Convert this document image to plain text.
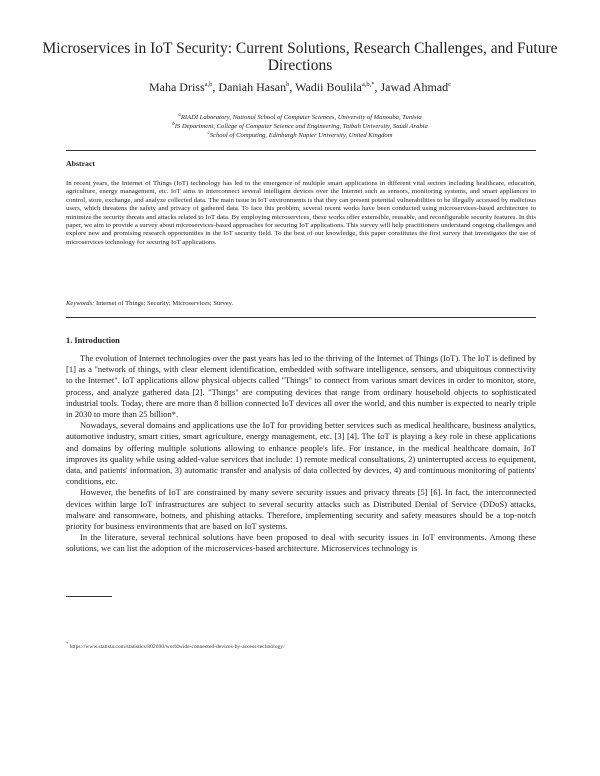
Microservices in IoT Security: Current Solutions, Research Challenges, and Future Directions
Maha Driss$^{a,b}$, Daniah Hasan$^b$, Wadii Boulila$^{a,b,*}$, Jawad Ahmad$^c$
$^a$RIADI Laboratory, National School of Computer Sciences, University of Manouba, Tunisia
$^b$IS Department, College of Computer Science and Engineering, Taibah University, Saudi Arabia
$^c$School of Computing, Edinburgh Napier University, United Kingdom
Abstract
In recent years, the Internet of Things (IoT) technology has led to the emergence of multiple smart applications in different vital sectors including healthcare, education, agriculture, energy management, etc. IoT aims to interconnect several intelligent devices over the Internet such as sensors, monitoring systems, and smart appliances to control, store, exchange, and analyze collected data. The main issue in IoT environments is that they can present potential vulnerabilities to be illegally accessed by malicious users, which threatens the safety and privacy of gathered data. To face this problem, several recent works have been conducted using microservices-based architecture to minimize the security threats and attacks related to IoT data. By employing microservices, these works offer extensible, reusable, and reconfigurable security features. In this paper, we aim to provide a survey about microservices-based approaches for securing IoT applications. This survey will help practitioners understand ongoing challenges and explore new and promising research opportunities in the IoT security field. To the best of our knowledge, this paper constitutes the first survey that investigates the use of microservices technology for securing IoT applications.
Keywords: Internet of Things; Security; Microservices; Survey.
1. Introduction

The evolution of Internet technologies over the past years has led to the thriving of the Internet of Things (IoT). The IoT is defined by [1] as a "network of things, with clear element identification, embedded with software intelligence, sensors, and ubiquitous connectivity to the Internet". IoT applications allow physical objects called "Things" to connect from various smart devices in order to monitor, store, process, and analyze gathered data [2]. "Things" are computing devices that range from ordinary household objects to sophisticated industrial tools. Today, there are more than 8 billion connected IoT devices all over the world, and this number is expected to nearly triple in 2030 to more than 25 billion*.

Nowadays, several domains and applications use the IoT for providing better services such as medical healthcare, business analytics, automotive industry, smart cities, smart agriculture, energy management, etc. [3] [4]. The IoT is playing a key role in these applications and domains by offering multiple solutions allowing to enhance people's life. For instance, in the medical healthcare domain, IoT improves its quality while using added-value services that include: 1) remote medical consultations, 2) uninterrupted access to equipment, data, and patients' information, 3) automatic transfer and analysis of data collected by devices, 4) and continuous monitoring of patients' conditions, etc.

However, the benefits of IoT are constrained by many severe security issues and privacy threats [5] [6]. In fact, the interconnected devices within large IoT infrastructures are subject to several security attacks such as Distributed Denial of Service (DDoS) attacks, malware and ransomware, botnets, and phishing attacks. Therefore, implementing security and safety measures should be a top-notch priority for business environments that are based on IoT systems.

In the literature, several technical solutions have been proposed to deal with security issues in IoT environments. Among these solutions, we can list the adoption of the microservices-based architecture. Microservices technology is

* https://www.statista.com/statistics/802690/worldwide-connected-devices-by-access-technology/
